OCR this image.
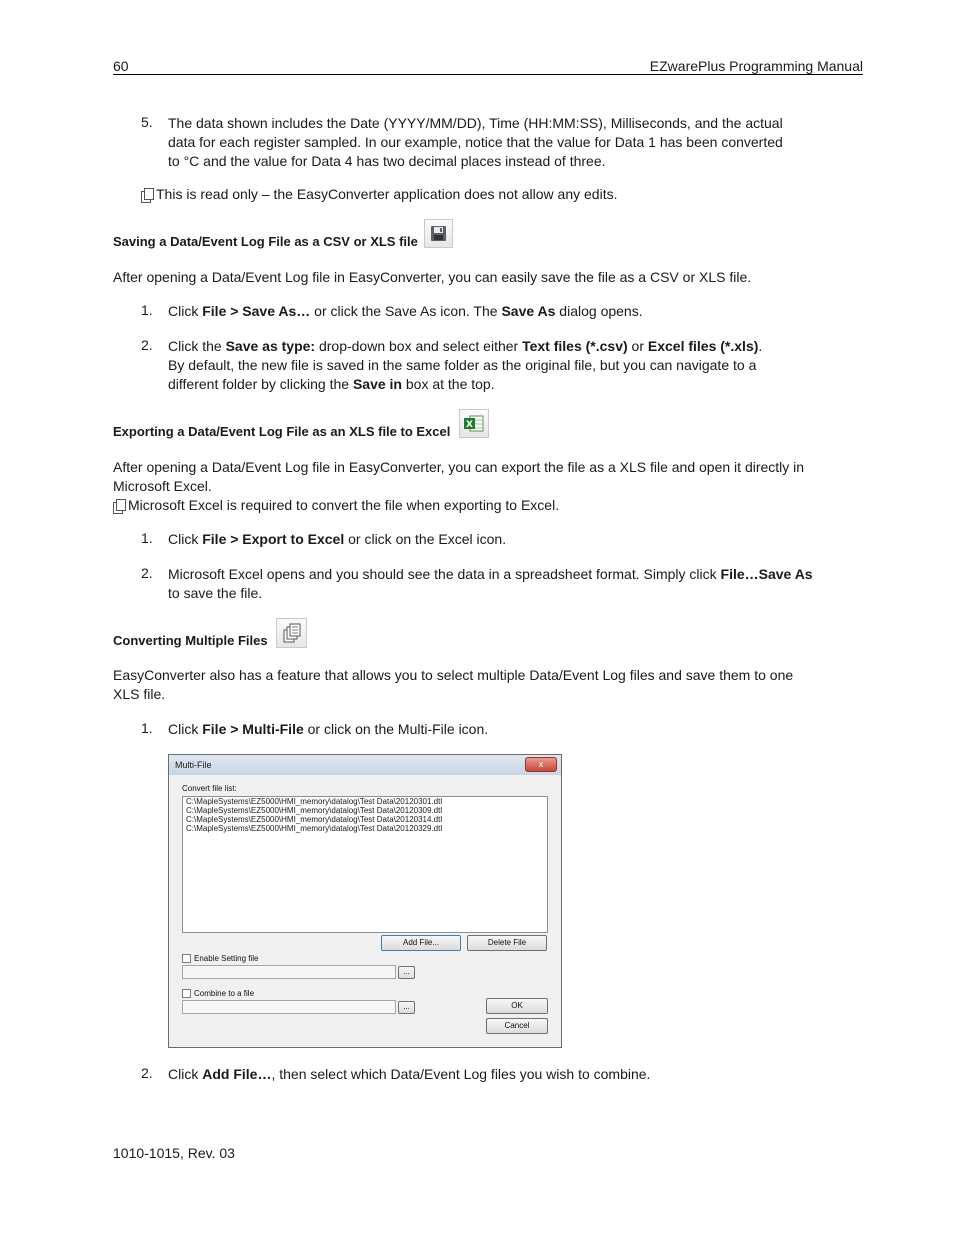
60	EZwarePlus Programming Manual
5. The data shown includes the Date (YYYY/MM/DD), Time (HH:MM:SS), Milliseconds, and the actual

data for each register sampled. In our example, notice that the value for Data 1 has been converted

to °C and the value for Data 4 has two decimal places instead of three.

This is read only – the EasyConverter application does not allow any edits.
Saving a Data/Event Log File as a CSV or XLS file

After opening a Data/Event Log file in EasyConverter, you can easily save the file as a CSV or XLS file.

1. Click File > Save As… or click the Save As icon. The Save As dialog opens.

2. Click the Save as type: drop-down box and select either Text files (*.csv) or Excel files (*.xls).

By default, the new file is saved in the same folder as the original file, but you can navigate to a

different folder by clicking the Save in box at the top.

Exporting a Data/Event Log File as an XLS file to Excel X

After opening a Data/Event Log file in EasyConverter, you can export the file as a XLS file and open it directly in

Microsoft Excel.

Microsoft Excel is required to convert the file when exporting to Excel.
1. Click File > Export to Excel or click on the Excel icon.

2. Microsoft Excel opens and you should see the data in a spreadsheet format. Simply click File…Save As

to save the file.

Converting Multiple Files

EasyConverter also has a feature that allows you to select multiple Data/Event Log files and save them to one

XLS file.

1. Click File > Multi-File or click on the Multi-File icon.

Multi-File	x
Convert file list:
C:\MapleSystems\EZ5000\HMI_memory\datalog\Test Data\20120301.dtl
C:\MapleSystems\EZ5000\HMI_memory\datalog\Test Data\20120309.dtl
C:\MapleSystems\EZ5000\HMI_memory\datalog\Test Data\20120314.dtl
C:\MapleSystems\EZ5000\HMI_memory\datalog\Test Data\20120329.dtl
Add File...	Delete File
Enable Setting file
...
Combine to a file
...	OK
Cancel
2. Click Add File…, then select which Data/Event Log files you wish to combine.

1010-1015, Rev. 03
